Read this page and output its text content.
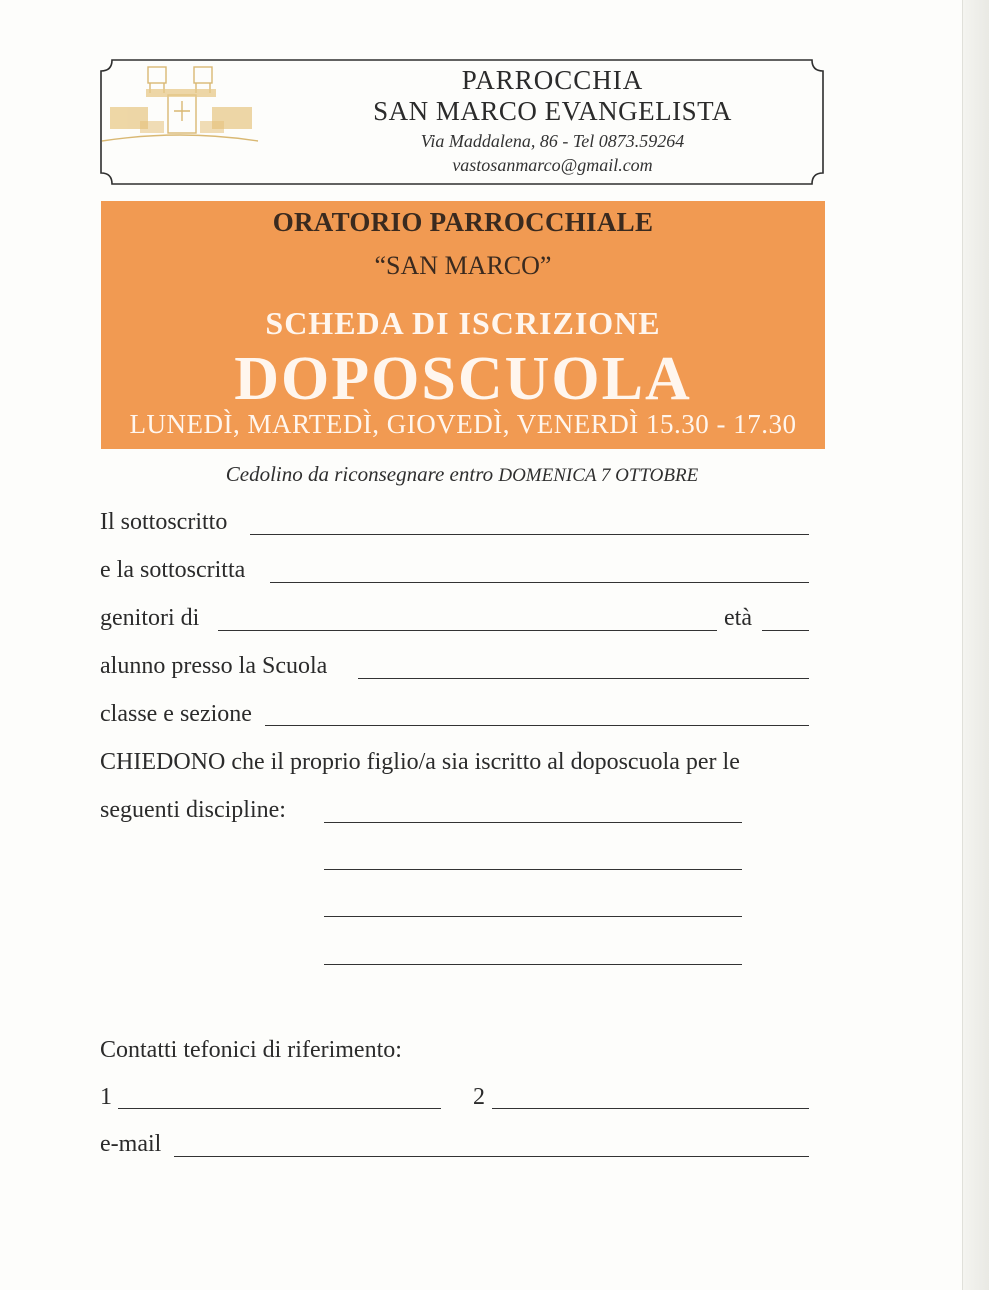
PARROCCHIA
SAN MARCO EVANGELISTA
Via Maddalena, 86 - Tel 0873.59264
vastosanmarco@gmail.com
ORATORIO PARROCCHIALE
“SAN MARCO”
SCHEDA DI ISCRIZIONE
DOPOSCUOLA
LUNEDÌ, MARTEDÌ, GIOVEDÌ, VENERDÌ 15.30 - 17.30
Cedolino da riconsegnare entro DOMENICA 7 OTTOBRE
Il sottoscritto
e la sottoscritta
genitori di	età
alunno presso la Scuola
classe e sezione
CHIEDONO che il proprio figlio/a sia iscritto al doposcuola per le
seguenti discipline:
Contatti tefonici di riferimento:
1	2
e-mail
